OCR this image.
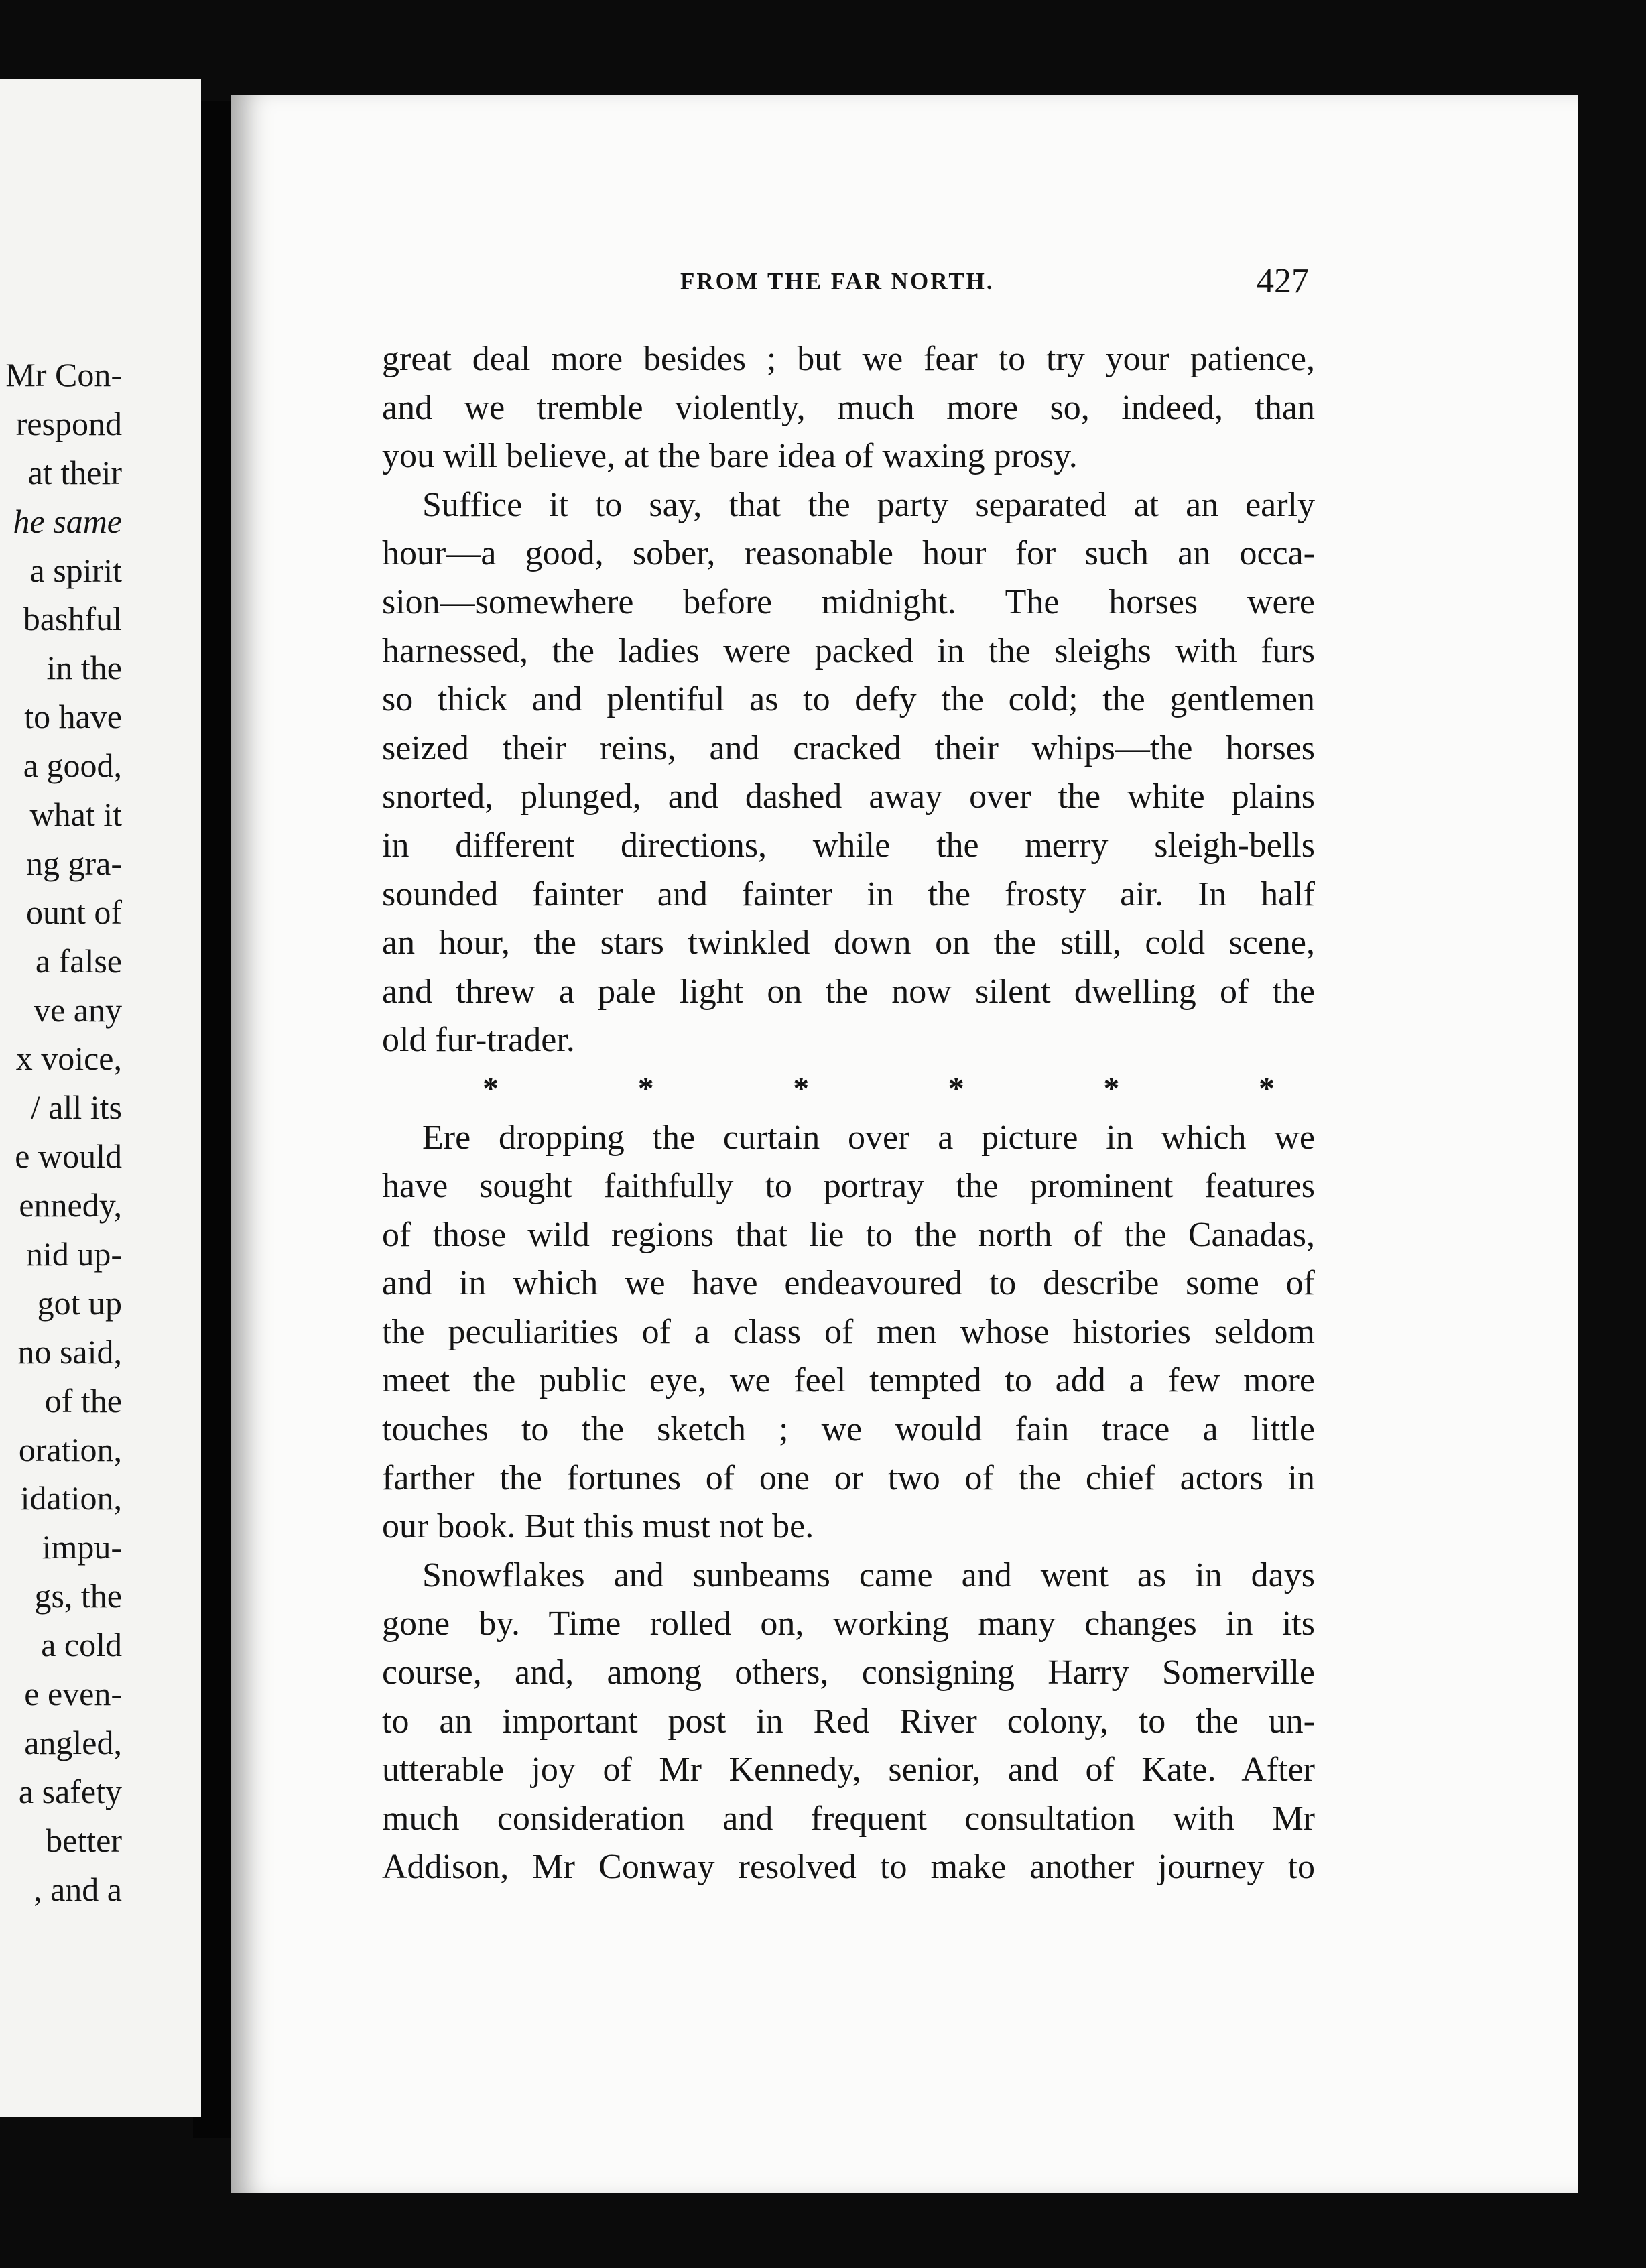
Mr Con-
respond
at their
he same
a spirit
bashful
in the
to have
a good,
what it
ng gra-
ount of
a false
ve any
x voice,
/ all its
e would
ennedy,
nid up-
got up
no said,
of the
oration,
idation,
impu-
gs, the
a cold
e even-
angled,
a safety
better
, and a
FROM THE FAR NORTH.	427
great deal more besides ; but we fear to try your patience,
and we tremble violently, much more so, indeed, than
you will believe, at the bare idea of waxing prosy.
Suffice it to say, that the party separated at an early
hour—a good, sober, reasonable hour for such an occa-
sion—somewhere before midnight. The horses were
harnessed, the ladies were packed in the sleighs with furs
so thick and plentiful as to defy the cold; the gentlemen
seized their reins, and cracked their whips—the horses
snorted, plunged, and dashed away over the white plains
in different directions, while the merry sleigh-bells
sounded fainter and fainter in the frosty air. In half
an hour, the stars twinkled down on the still, cold scene,
and threw a pale light on the now silent dwelling of the
old fur-trader.
*	*	*	*	*	*
Ere dropping the curtain over a picture in which we
have sought faithfully to portray the prominent features
of those wild regions that lie to the north of the Canadas,
and in which we have endeavoured to describe some of
the peculiarities of a class of men whose histories seldom
meet the public eye, we feel tempted to add a few more
touches to the sketch ; we would fain trace a little
farther the fortunes of one or two of the chief actors in
our book. But this must not be.
Snowflakes and sunbeams came and went as in days
gone by. Time rolled on, working many changes in its
course, and, among others, consigning Harry Somerville
to an important post in Red River colony, to the un-
utterable joy of Mr Kennedy, senior, and of Kate. After
much consideration and frequent consultation with Mr
Addison, Mr Conway resolved to make another journey to
